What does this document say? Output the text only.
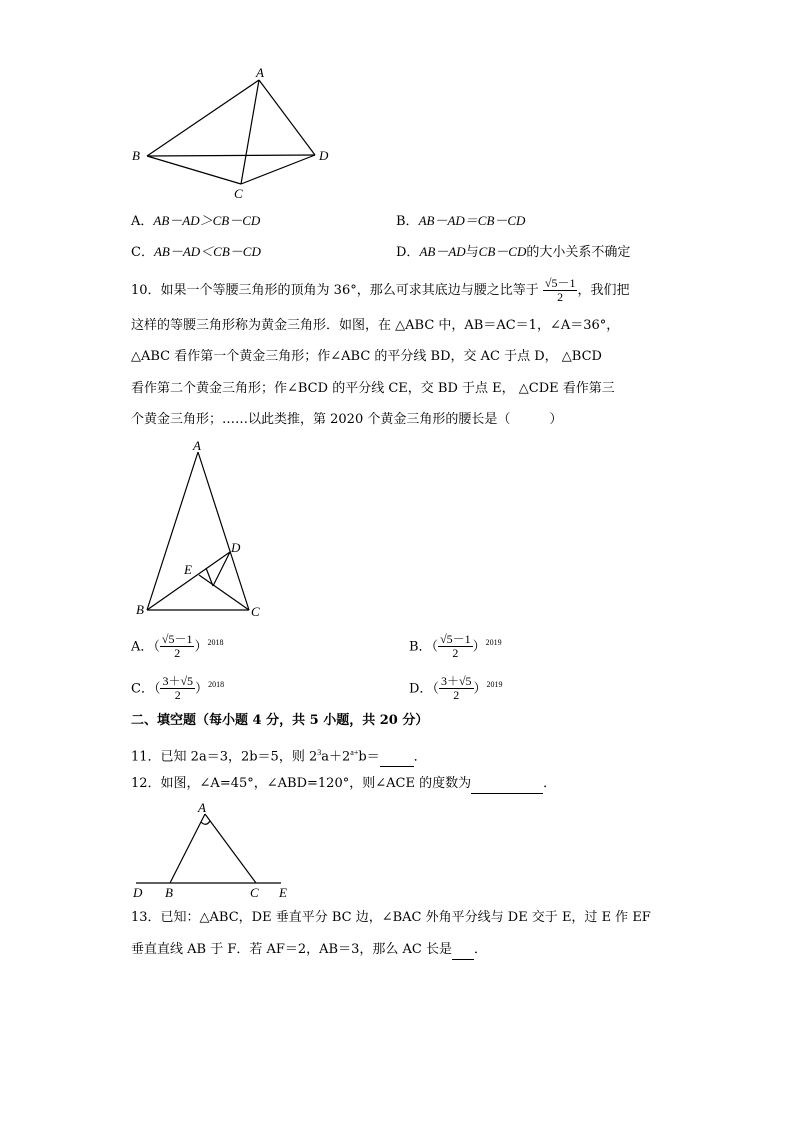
A
B
C
D
A．AB－AD＞CB－CD	B．AB－AD＝CB－CD
C．AB－AD＜CB－CD	D．AB－AD与CB－CD的大小关系不确定
10．如果一个等腰三角形的顶角为 36°，那么可求其底边与腰之比等于 $\frac{√5-1}{2}$ ，我们把
这样的等腰三角形称为黄金三角形．如图，在 △ABC 中，AB＝AC＝1，∠A＝36°，
△ABC 看作第一个黄金三角形；作∠ABC 的平分线 BD，交 AC 于点 D， △BCD
看作第二个黄金三角形；作∠BCD 的平分线 CE，交 BD 于点 E， △CDE 看作第三
个黄金三角形；……以此类推，第 2020 个黄金三角形的腰长是（　　　）
A
B	C
D
E
A．（ $\frac{√5-1}{2} )^{2018}$	B．（ $\frac{√5-1}{2} )^{2019}$
C．（ $\frac{3+√5}{2} )^{2018}$	D．（ $\frac{3+√5}{2} )^{2019}$
二、填空题（每小题 4 分，共 5 小题，共 20 分）
11．已知 2a＝3，2b＝5，则 $2^3a+2^{a+}b=$	．
12．如图，∠A=45°，∠ABD=120°，则∠ACE 的度数为	．
A
B	C
D	E
13．已知：△ABC，DE 垂直平分 BC 边，∠BAC 外角平分线与 DE 交于 E，过 E 作 EF
垂直直线 AB 于 F．若 AF＝2，AB＝3，那么 AC 长是 ．
